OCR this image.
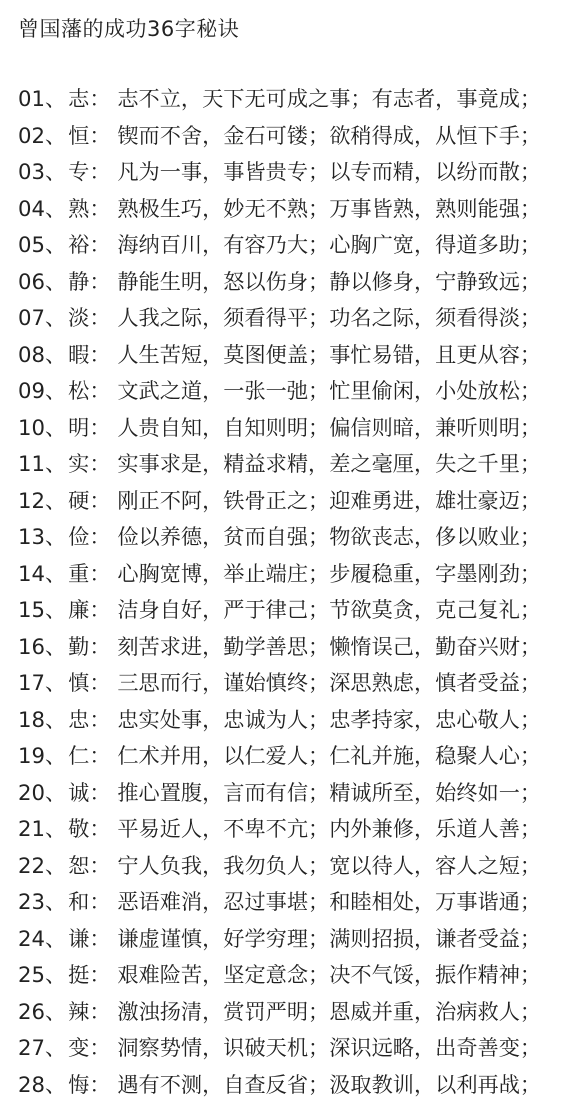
曾国藩的成功36字秘诀
01、志： 志不立，天下无可成之事；有志者，事竟成；
02、恒： 锲而不舍，金石可镂；欲稍得成，从恒下手；
03、专： 凡为一事，事皆贵专；以专而精，以纷而散；
04、熟： 熟极生巧，妙无不熟；万事皆熟，熟则能强；
05、裕： 海纳百川，有容乃大；心胸广宽，得道多助；
06、静： 静能生明，怒以伤身；静以修身，宁静致远；
07、淡： 人我之际，须看得平；功名之际，须看得淡；
08、暇： 人生苦短，莫图便盖；事忙易错，且更从容；
09、松： 文武之道，一张一弛；忙里偷闲，小处放松；
10、明： 人贵自知，自知则明；偏信则暗，兼听则明；
11、实： 实事求是，精益求精，差之毫厘，失之千里；
12、硬： 刚正不阿，铁骨正之；迎难勇进，雄壮豪迈；
13、俭： 俭以养德，贫而自强；物欲丧志，侈以败业；
14、重： 心胸宽博，举止端庄；步履稳重，字墨刚劲；
15、廉： 洁身自好，严于律己；节欲莫贪，克己复礼；
16、勤： 刻苦求进，勤学善思；懒惰误己，勤奋兴财；
17、慎： 三思而行，谨始慎终；深思熟虑，慎者受益；
18、忠： 忠实处事，忠诚为人；忠孝持家，忠心敬人；
19、仁： 仁术并用，以仁爱人；仁礼并施，稳聚人心；
20、诚： 推心置腹，言而有信；精诚所至，始终如一；
21、敬： 平易近人，不卑不亢；内外兼修，乐道人善；
22、恕： 宁人负我，我勿负人；宽以待人，容人之短；
23、和： 恶语难消，忍过事堪；和睦相处，万事谐通；
24、谦： 谦虚谨慎，好学穷理；满则招损，谦者受益；
25、挺： 艰难险苦，坚定意念；决不气馁，振作精神；
26、辣： 激浊扬清，赏罚严明；恩威并重，治病救人；
27、变： 洞察势情，识破天机；深识远略，出奇善变；
28、悔： 遇有不测，自查反省；汲取教训，以利再战；
